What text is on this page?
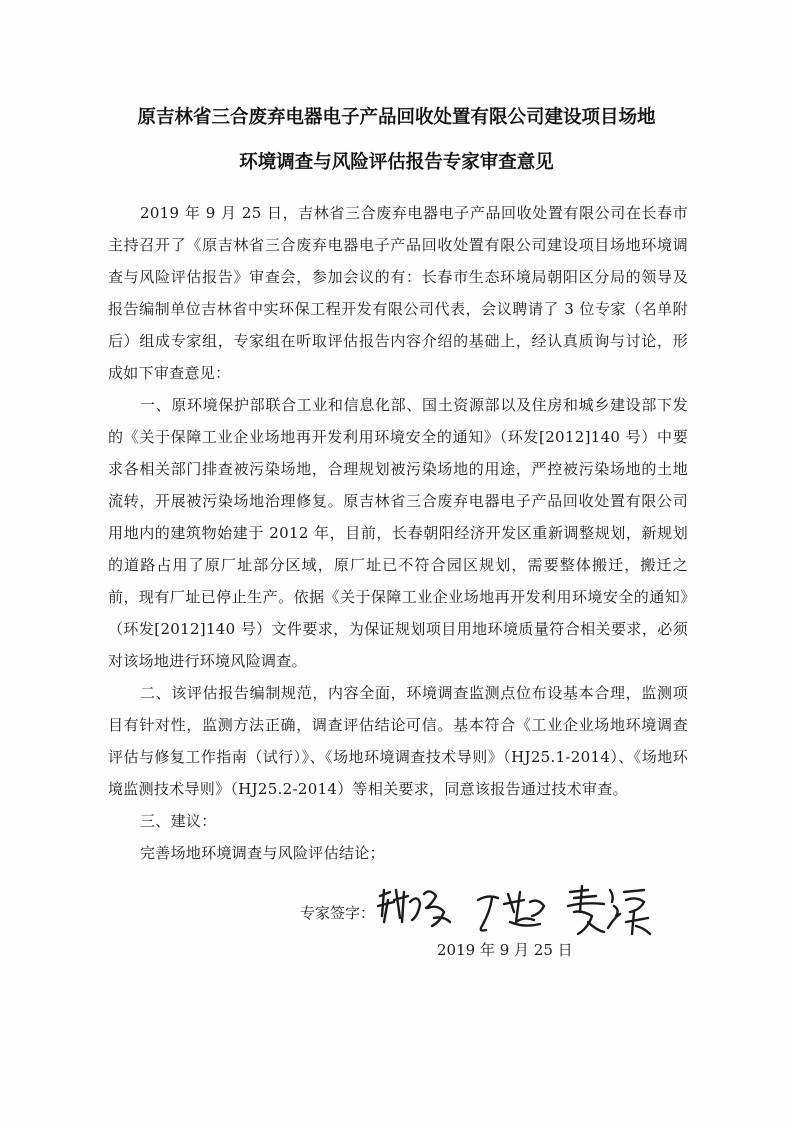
原吉林省三合废弃电器电子产品回收处置有限公司建设项目场地
环境调查与风险评估报告专家审查意见

2019 年 9 月 25 日，吉林省三合废弃电器电子产品回收处置有限公司在长春市主持召开了《原吉林省三合废弃电器电子产品回收处置有限公司建设项目场地环境调查与风险评估报告》审查会，参加会议的有：长春市生态环境局朝阳区分局的领导及报告编制单位吉林省中实环保工程开发有限公司代表，会议聘请了 3 位专家（名单附后）组成专家组，专家组在听取评估报告内容介绍的基础上，经认真质询与讨论，形成如下审查意见：

一、原环境保护部联合工业和信息化部、国土资源部以及住房和城乡建设部下发的《关于保障工业企业场地再开发利用环境安全的通知》（环发[2012]140 号）中要求各相关部门排查被污染场地，合理规划被污染场地的用途，严控被污染场地的土地流转，开展被污染场地治理修复。原吉林省三合废弃电器电子产品回收处置有限公司用地内的建筑物始建于 2012 年，目前，长春朝阳经济开发区重新调整规划，新规划的道路占用了原厂址部分区域，原厂址已不符合园区规划，需要整体搬迁，搬迁之前，现有厂址已停止生产。依据《关于保障工业企业场地再开发利用环境安全的通知》（环发[2012]140 号）文件要求，为保证规划项目用地环境质量符合相关要求，必须对该场地进行环境风险调查。

二、该评估报告编制规范，内容全面，环境调查监测点位布设基本合理，监测项目有针对性，监测方法正确，调查评估结论可信。基本符合《工业企业场地环境调查评估与修复工作指南（试行）》、《场地环境调查技术导则》（HJ25.1-2014）、《场地环境监测技术导则》（HJ25.2-2014）等相关要求，同意该报告通过技术审查。

三、建议：

完善场地环境调查与风险评估结论；

专家签字：
2019 年 9 月 25 日
